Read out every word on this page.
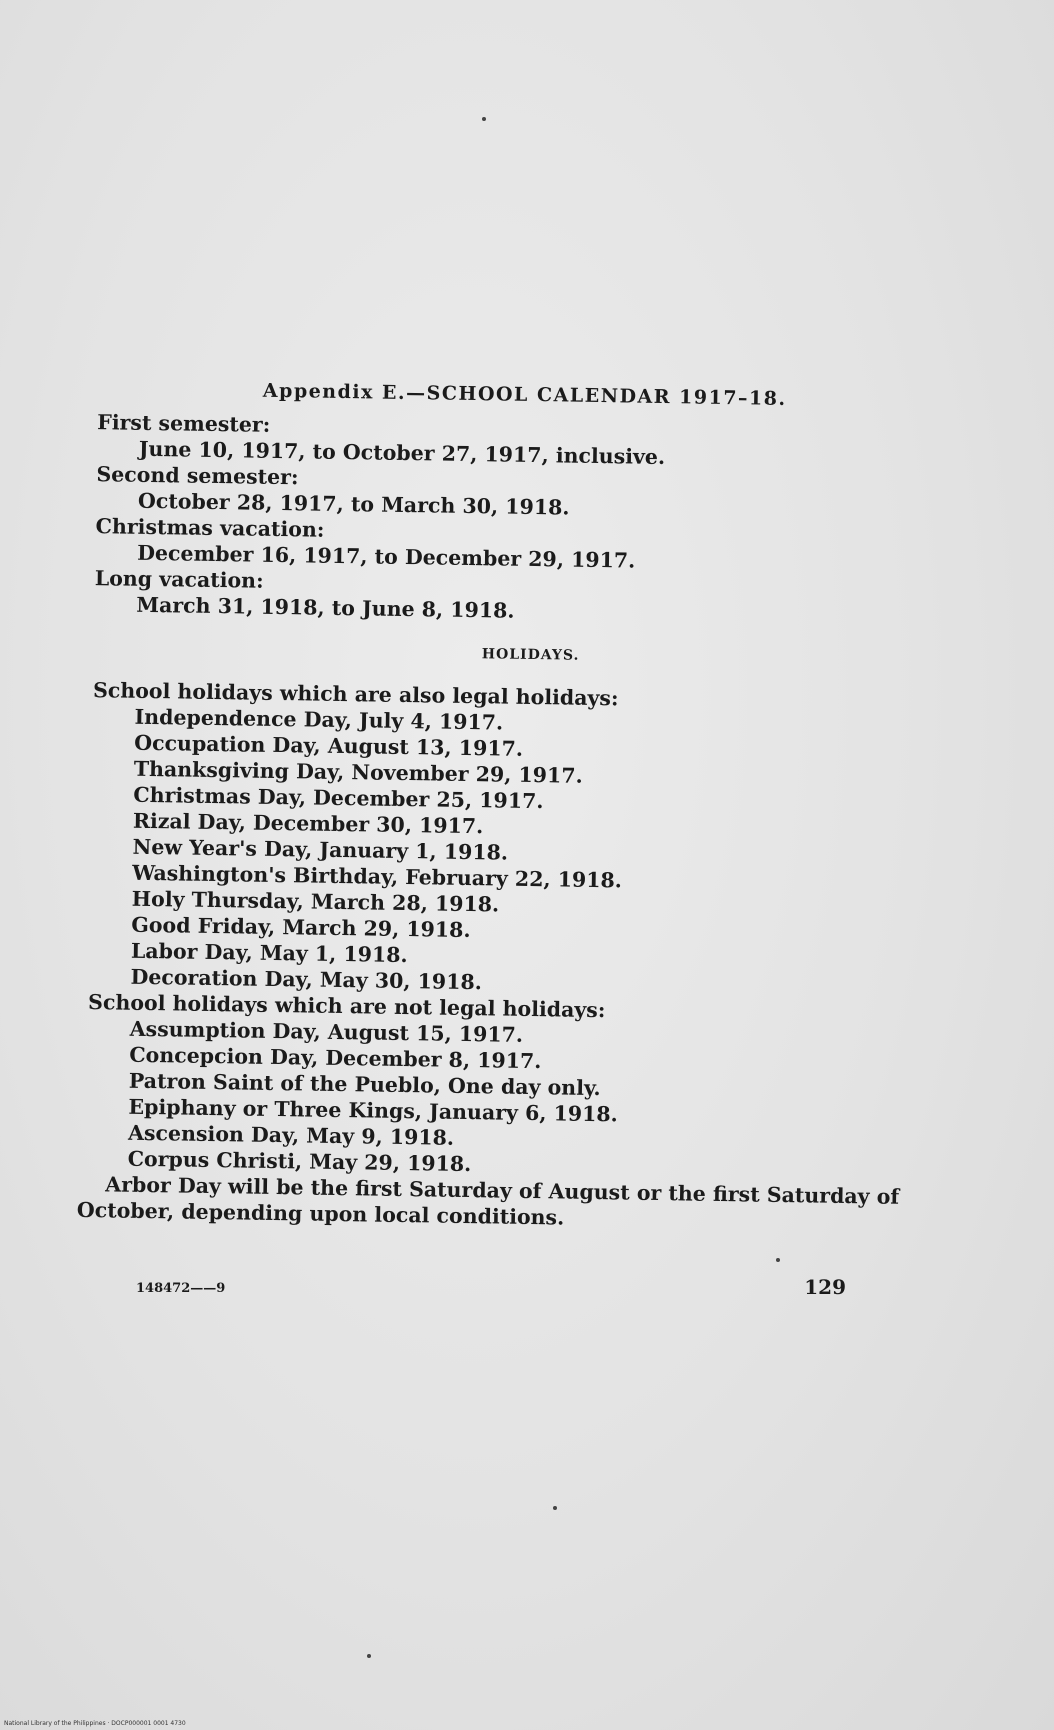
Appendix E.—SCHOOL CALENDAR 1917–18.
First semester:
June 10, 1917, to October 27, 1917, inclusive.
Second semester:
October 28, 1917, to March 30, 1918.
Christmas vacation:
December 16, 1917, to December 29, 1917.
Long vacation:
March 31, 1918, to June 8, 1918.
HOLIDAYS.
School holidays which are also legal holidays:
Independence Day, July 4, 1917.
Occupation Day, August 13, 1917.
Thanksgiving Day, November 29, 1917.
Christmas Day, December 25, 1917.
Rizal Day, December 30, 1917.
New Year's Day, January 1, 1918.
Washington's Birthday, February 22, 1918.
Holy Thursday, March 28, 1918.
Good Friday, March 29, 1918.
Labor Day, May 1, 1918.
Decoration Day, May 30, 1918.
School holidays which are not legal holidays:
Assumption Day, August 15, 1917.
Concepcion Day, December 8, 1917.
Patron Saint of the Pueblo, One day only.
Epiphany or Three Kings, January 6, 1918.
Ascension Day, May 9, 1918.
Corpus Christi, May 29, 1918.
Arbor Day will be the first Saturday of August or the first Saturday of October, depending upon local conditions.
148472——9	129
National Library of the Philippines · DOCP000001 0001 4730
